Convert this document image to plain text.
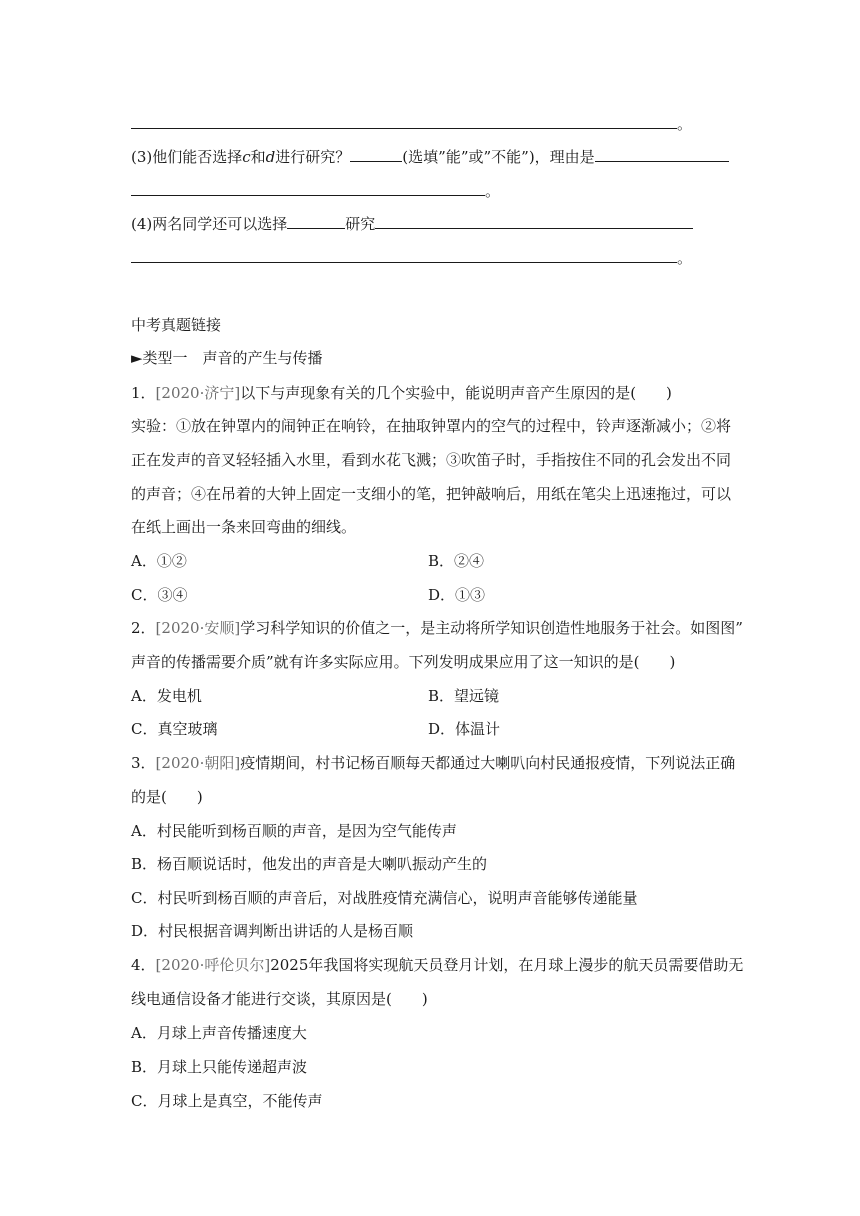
。
(3)他们能否选择c和d进行研究？	(选填”能”或”不能”)，理由是
。
(4)两名同学还可以选择	研究
。
中考真题链接
►类型一　声音的产生与传播
1．[2020·济宁]以下与声现象有关的几个实验中，能说明声音产生原因的是(　　)
实验：①放在钟罩内的闹钟正在响铃，在抽取钟罩内的空气的过程中，铃声逐渐减小；②将
正在发声的音叉轻轻插入水里，看到水花飞溅；③吹笛子时，手指按住不同的孔会发出不同
的声音；④在吊着的大钟上固定一支细小的笔，把钟敲响后，用纸在笔尖上迅速拖过，可以
在纸上画出一条来回弯曲的细线。
A．①②	B．②④
C．③④	D．①③
2．[2020·安顺]学习科学知识的价值之一，是主动将所学知识创造性地服务于社会。如图图”
声音的传播需要介质”就有许多实际应用。下列发明成果应用了这一知识的是(　　)
A．发电机	B．望远镜
C．真空玻璃	D．体温计
3．[2020·朝阳]疫情期间，村书记杨百顺每天都通过大喇叭向村民通报疫情，下列说法正确
的是(　　)
A．村民能听到杨百顺的声音，是因为空气能传声
B．杨百顺说话时，他发出的声音是大喇叭振动产生的
C．村民听到杨百顺的声音后，对战胜疫情充满信心，说明声音能够传递能量
D．村民根据音调判断出讲话的人是杨百顺
4．[2020·呼伦贝尔]2025年我国将实现航天员登月计划，在月球上漫步的航天员需要借助无
线电通信设备才能进行交谈，其原因是(　　)
A．月球上声音传播速度大
B．月球上只能传递超声波
C．月球上是真空，不能传声
